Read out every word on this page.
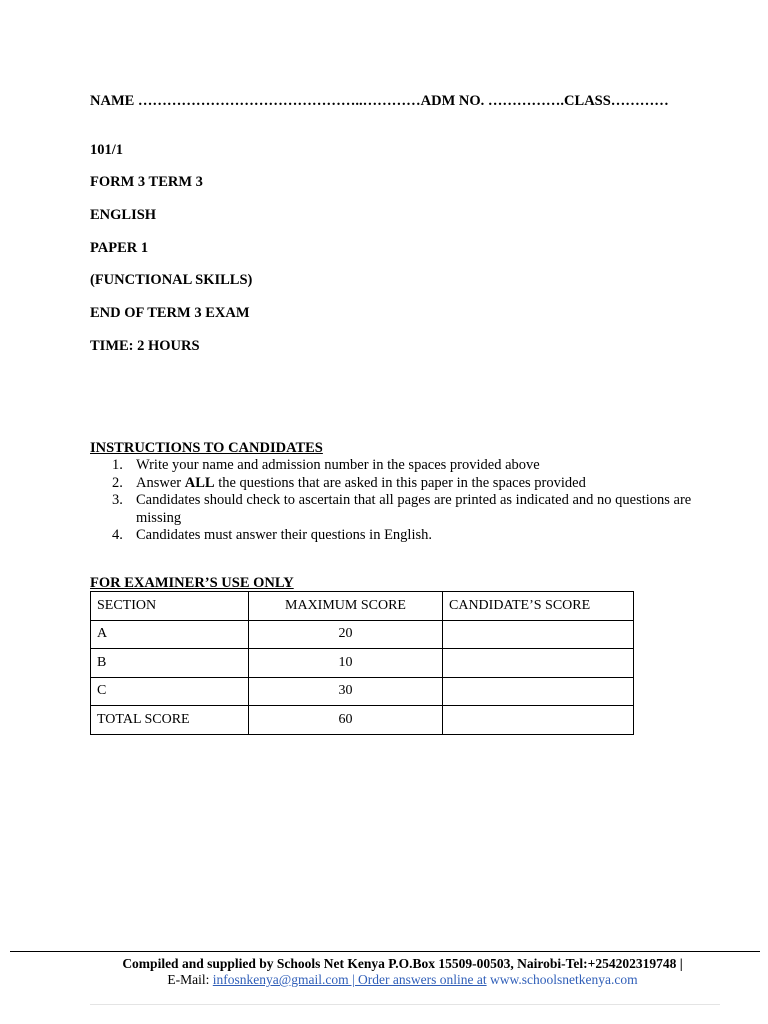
NAME ………………………………………..…………ADM NO. …………….CLASS…………
101/1
FORM 3 TERM 3
ENGLISH
PAPER 1
(FUNCTIONAL SKILLS)
END OF TERM 3 EXAM
TIME: 2 HOURS
INSTRUCTIONS TO CANDIDATES
1. Write your name and admission number in the spaces provided above
2. Answer ALL the questions that are asked in this paper in the spaces provided
3. Candidates should check to ascertain that all pages are printed as indicated and no questions are missing
4. Candidates must answer their questions in English.
FOR EXAMINER’S USE ONLY
SECTION	MAXIMUM SCORE	CANDIDATE’S SCORE
A	20	
B	10	
C	30	
TOTAL SCORE	60	
Compiled and supplied by Schools Net Kenya P.O.Box 15509-00503, Nairobi-Tel:+254202319748 |
E-Mail: infosnkenya@gmail.com | Order answers online at www.schoolsnetkenya.com
